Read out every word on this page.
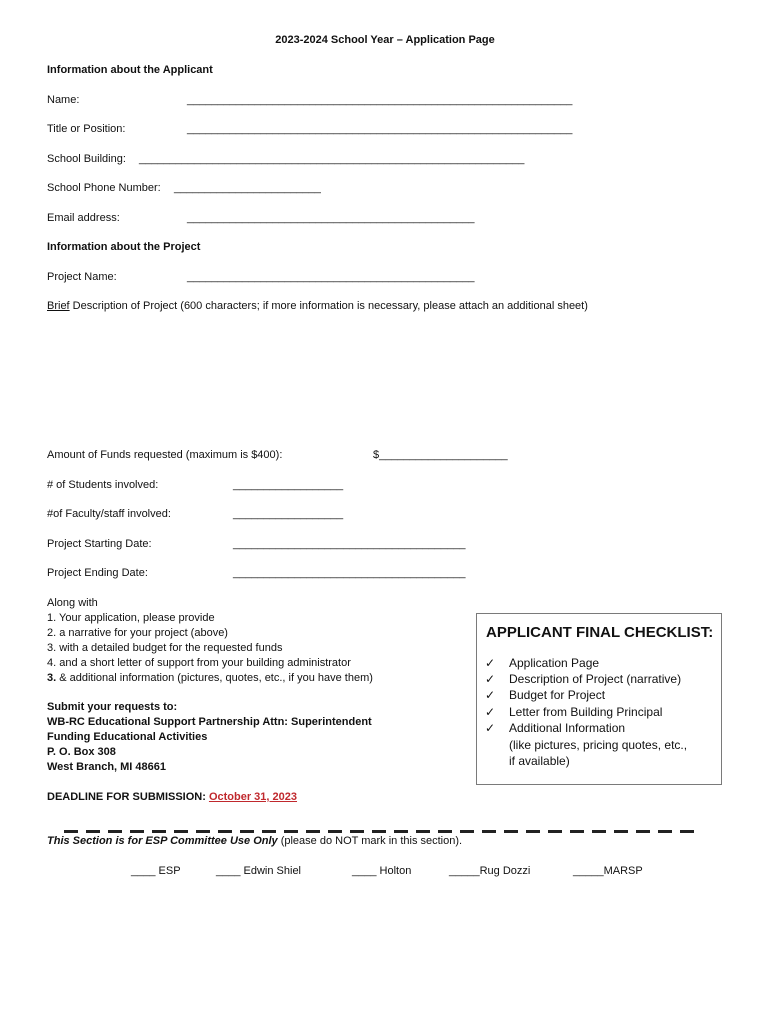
2023-2024 School Year – Application Page
Information about the Applicant
Name:	_______________________________________________________________
Title or Position:	_______________________________________________________________
School Building: _______________________________________________________________
School Phone Number: ________________________
Email address:	_______________________________________________
Information about the Project
Project Name:	_______________________________________________
Brief Description of Project (600 characters; if more information is necessary, please attach an additional sheet)
Amount of Funds requested (maximum is $400):	$_____________________
# of Students involved:	__________________
#of Faculty/staff involved:	__________________
Project Starting Date:	______________________________________
Project Ending Date:	______________________________________
Along with
1. Your application, please provide
2. a narrative for your project (above)
3. with a detailed budget for the requested funds
4. and a short letter of support from your building administrator
3. & additional information (pictures, quotes, etc., if you have them)
Submit your requests to:
WB-RC Educational Support Partnership Attn: Superintendent
Funding Educational Activities
P. O. Box 308
West Branch, MI 48661
DEADLINE FOR SUBMISSION: October 31, 2023
APPLICANT FINAL CHECKLIST:
✓ Application Page
✓ Description of Project (narrative)
✓ Budget for Project
✓ Letter from Building Principal
✓ Additional Information
(like pictures, pricing quotes, etc.,
if available)
This Section is for ESP Committee Use Only (please do NOT mark in this section).
____ ESP	____ Edwin Shiel	____ Holton	_____Rug Dozzi	_____MARSP
